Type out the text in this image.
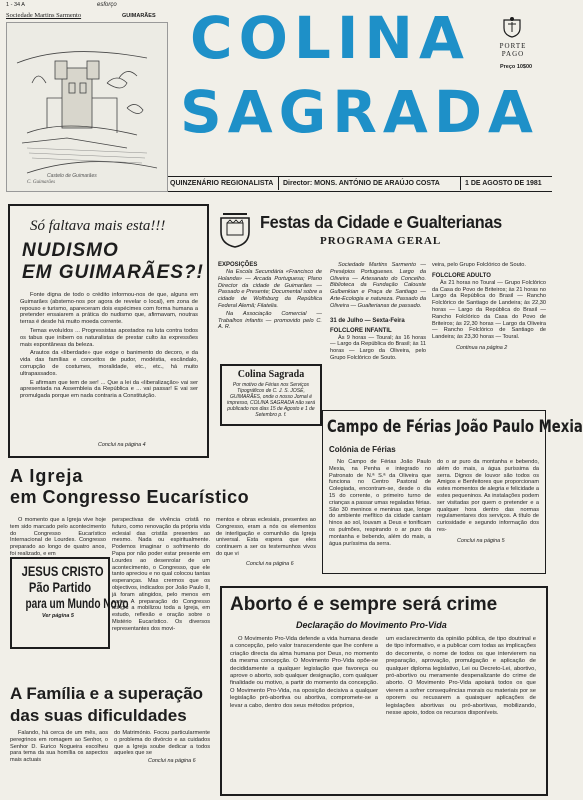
1 - 34 A	esforço
Sociedade Martins Sarmento	GUIMARÃES
C. Guimarães
Castelo de Guimarães
COLINA
SAGRADA
PORTE
PAGO
Preço 10$00
QUINZENÁRIO REGIONALISTA	Director: MONS. ANTÓNIO DE ARAÚJO COSTA	1 DE AGOSTO DE 1981
Só faltava mais esta!!!
NUDISMO
EM GUIMARÃES?!

Fonte digna de todo o crédito informou-nos de que, alguns em Guimarães (abstemo-nos por agora de revelar o local), em zona de repouso e turismo, apareceram dois espécimes com forma humana a pretender ensaiarem a prática do nudismo que, afirmavam, noutras terras é desde há muito moeda corrente.

Temas evoluídos ... Progressistas apostados na luta contra todos os tabus que inibem os naturalistas de prestar culto às expressões mais espontâneas da beleza.

Arautos da «liberdade» que exige o banimento do decoro, e da vida das famílias e conceitos de pudor, modéstia, escândalo, corrupção de costumes, moralidade, etc., etc., há muito ultrapassados.

E afirmam que tem de ser! ... Que a lei da «liberalização» vai ser apresentada na Assembleia da República e ... vai passar! E vai ser promulgada porque em nada contraria a Constituição.

Conclui na página 4
Festas da Cidade e Gualterianas
PROGRAMA GERAL
EXPOSIÇÕES

Na Escola Secundária «Francisco de Holanda» — Arcada Portuguesa; Plano Director da cidade de Guimarães — Passado e Presente; Documental sobre a cidade de Wolfsburg da República Federal Alemã; Filatelia.

Na Associação Comercial — Trabalhos infantis — promovido pelo C. A. R.

Sociedade Martins Sarmento — Presépios Portugueses. Largo da Oliveira — Artesanato do Concelho. Biblioteca da Fundação Calouste Gulbenkian e Praça de Santiago — Arte-Ecologia e natureza. Passado da Oliveira — Gualterianas de passado.

31 de Julho — Sexta-Feira
FOLCLORE INFANTIL

Às 9 horas — Toural; às 16 horas — Largo da República do Brasil; às 11 horas — Largo da Oliveira, pelo Grupo Folclórico de Souto.

veira, pelo Grupo Folclórico de Souto.

FOLCLORE ADULTO

Às 21 horas no Toural — Grupo Folclórico da Casa do Povo de Briteiros; às 21 horas no Largo da República do Brasil — Rancho Folclórico de Santiago de Landeira; às 22,30 horas — Largo da República do Brasil — Rancho Folclórico da Casa do Povo de Briteiros; às 22,30 horas — Largo da Oliveira — Rancho Folclórico de Santiago de Landeira; às 23,30 horas — Toural.

Continua na página 2
Colina Sagrada

Por motivo de Férias nos Serviços Tipográficos de C. J. S. JOSÉ, GUIMARÃES, onde o nosso Jornal é impresso, COLINA SAGRADA não será publicado nos dias 15 de Agosto e 1 de Setembro p. f.

Campo de Férias João Paulo Mexia
Colónia de Férias

No Campo de Férias João Paulo Mexia, na Penha e integrado no Patronato de N.ª S.ª da Oliveira que funciona no Centro Pastoral de Colegiada, encontram-se, desde o dia 15 do corrente, o primeiro turno de crianças a passar umas regaladas férias. São 30 meninos e meninas que, longe do ambiente mefítico da cidade cantam hinos ao sol, louvam a Deus e tonificam os pulmões, respirando o ar puro da montanha e bebendo, além do mais, a água puríssima da serra.

do o ar puro da montanha e bebendo, além do mais, a água puríssima da serra. Dignos de louvor são todos os Amigos e Benfeitores que proporcionam estes momentos de alegria e felicidade a estes pequeninos. As instalações podem ser visitadas por quem o pretender e a qualquer hora dentro das normas regulamentares dos serviços. A título de curiosidade e segundo informação dos res-

Conclui na página 5
A Igreja
em Congresso Eucarístico

O momento que a Igreja vive hoje tem sido marcado pelo acontecimento do Congresso Eucarístico Internacional de Lourdes. Congresso preparado ao longo de quatro anos, foi realizado, e em

perspectivas de vivência cristã no futuro, como renovação da própria vida eclesial das cristãs presentes ao mesmo. Nada ou espiritualmente. Podemos imaginar o sofrimento do Papa por não poder estar presente em Lourdes ao desenrolar de um acontecimento, o Congresso, que ele tanto apreciou e no qual colocou tantas esperanças. Mas crermos que os objectivos, indicados por João Paulo II, já foram atingidos, pelo menos em parte. A preparação do Congresso atingiu a mobilizou toda a Igreja, em estudo, reflexão e oração sobre o Mistério Eucarístico. Os diversos representantes dos movi-

mentos e obras eclesiais, presentes ao Congresso, eram a nós os elementos de interligação e comunhão da Igreja universal. Esta espera que eles continuem a ser os testemunhos vivos do que vi

Conclui na página 6
JESUS CRISTO
Pão Partido
para um Mundo Novo
Ver página 5
A Família e a superação
das suas dificuldades

Falando, há cerca de um mês, aos peregrinos em romagem ao Senhor, o Senhor D. Eurico Nogueira escolheu para tema da sua homília os aspectos mais actuais

do Matrimónio. Focou particularmente o problema do divórcio e as cuidados que a Igreja soube dedicar a todos aqueles que se

Conclui na página 6
Aborto é e sempre será crime
Declaração do Movimento Pro-Vida

O Movimento Pro-Vida defende a vida humana desde a concepção, pelo valor transcendente que lhe confere a criação directa da alma humana por Deus, no momento da mesma concepção. O Movimento Pro-Vida opõe-se decididamente a qualquer legislação que favoreça ou aprove o aborto, sob qualquer designação, com qualquer finalidade ou motivo, a partir do momento da concepção. O Movimento Pro-Vida, na oposição decisiva a qualquer legislação pró-abortiva ou abortiva, compromete-se a levar a cabo, dentro dos seus métodos próprios,

um esclarecimento da opinião pública, de tipo doutrinal e de tipo informativo, e a publicar com todas as implicações do decorrente, o nome de todos os que intervierem na preparação, aprovação, promulgação e aplicação de qualquer diploma legislativo, Lei ou Decreto-Lei, abortivo, pró-abortivo ou meramente despenalizante do crime de aborto. O Movimento Pro-Vida apoiará todos os que vierem a sofrer consequências morais ou materiais por se oporem ou recusarem a quaisquer aplicações de legislações abortivas ou pró-abortivas, mobilizando, nesse apoio, todos os recursos disponíveis.
